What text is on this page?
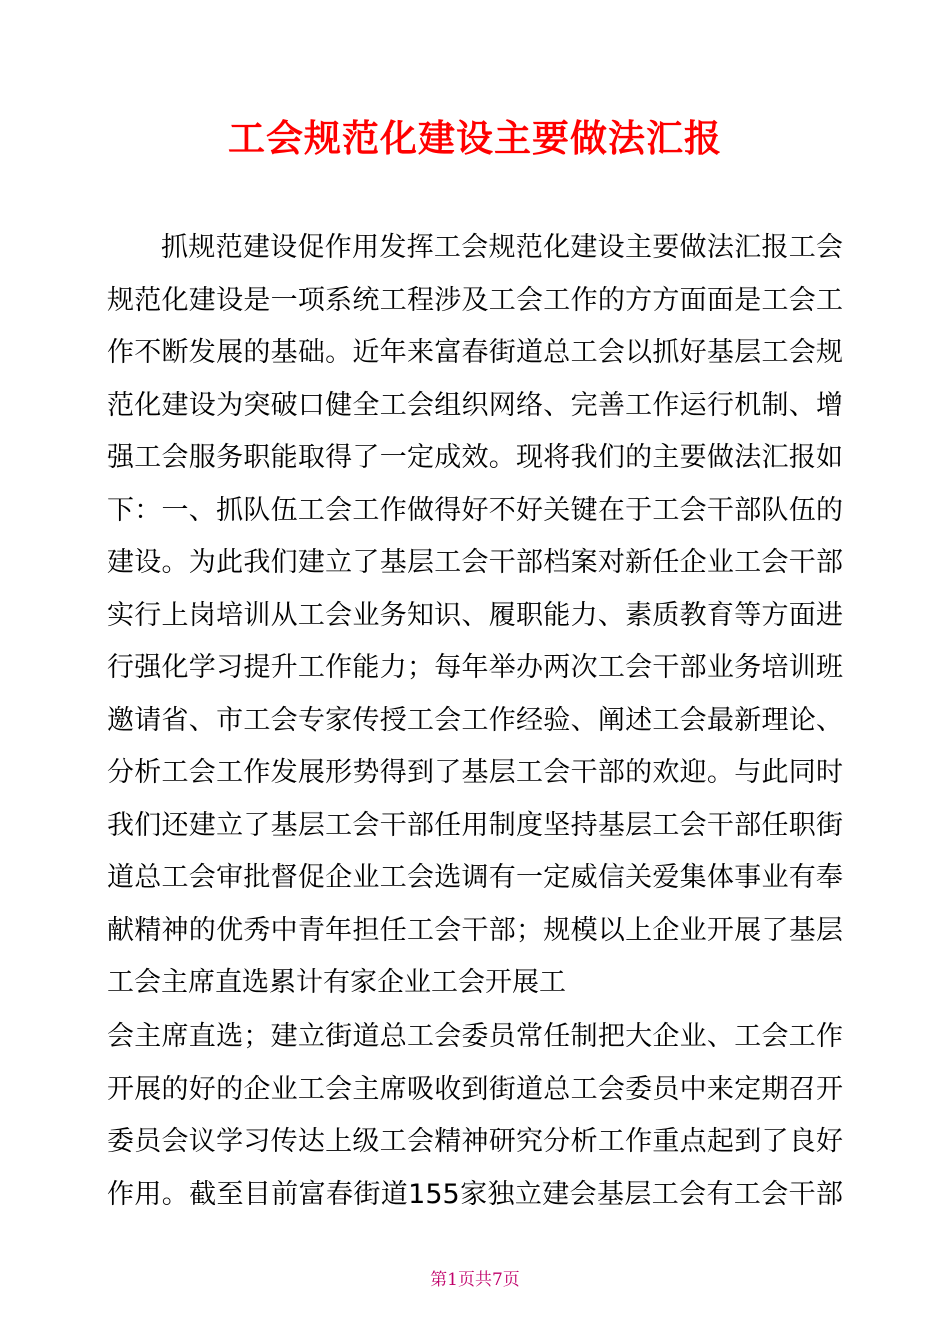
工会规范化建设主要做法汇报
抓规范建设促作用发挥工会规范化建设主要做法汇报工会
规范化建设是一项系统工程涉及工会工作的方方面面是工会工
作不断发展的基础。近年来富春街道总工会以抓好基层工会规
范化建设为突破口健全工会组织网络、完善工作运行机制、增
强工会服务职能取得了一定成效。现将我们的主要做法汇报如
下：一、抓队伍工会工作做得好不好关键在于工会干部队伍的
建设。为此我们建立了基层工会干部档案对新任企业工会干部
实行上岗培训从工会业务知识、履职能力、素质教育等方面进
行强化学习提升工作能力；每年举办两次工会干部业务培训班
邀请省、市工会专家传授工会工作经验、阐述工会最新理论、
分析工会工作发展形势得到了基层工会干部的欢迎。与此同时
我们还建立了基层工会干部任用制度坚持基层工会干部任职街
道总工会审批督促企业工会选调有一定威信关爱集体事业有奉
献精神的优秀中青年担任工会干部；规模以上企业开展了基层
工会主席直选累计有家企业工会开展工
会主席直选；建立街道总工会委员常任制把大企业、工会工作
开展的好的企业工会主席吸收到街道总工会委员中来定期召开
委员会议学习传达上级工会精神研究分析工作重点起到了良好
作用。截至目前富春街道155家独立建会基层工会有工会干部
第1页共7页
